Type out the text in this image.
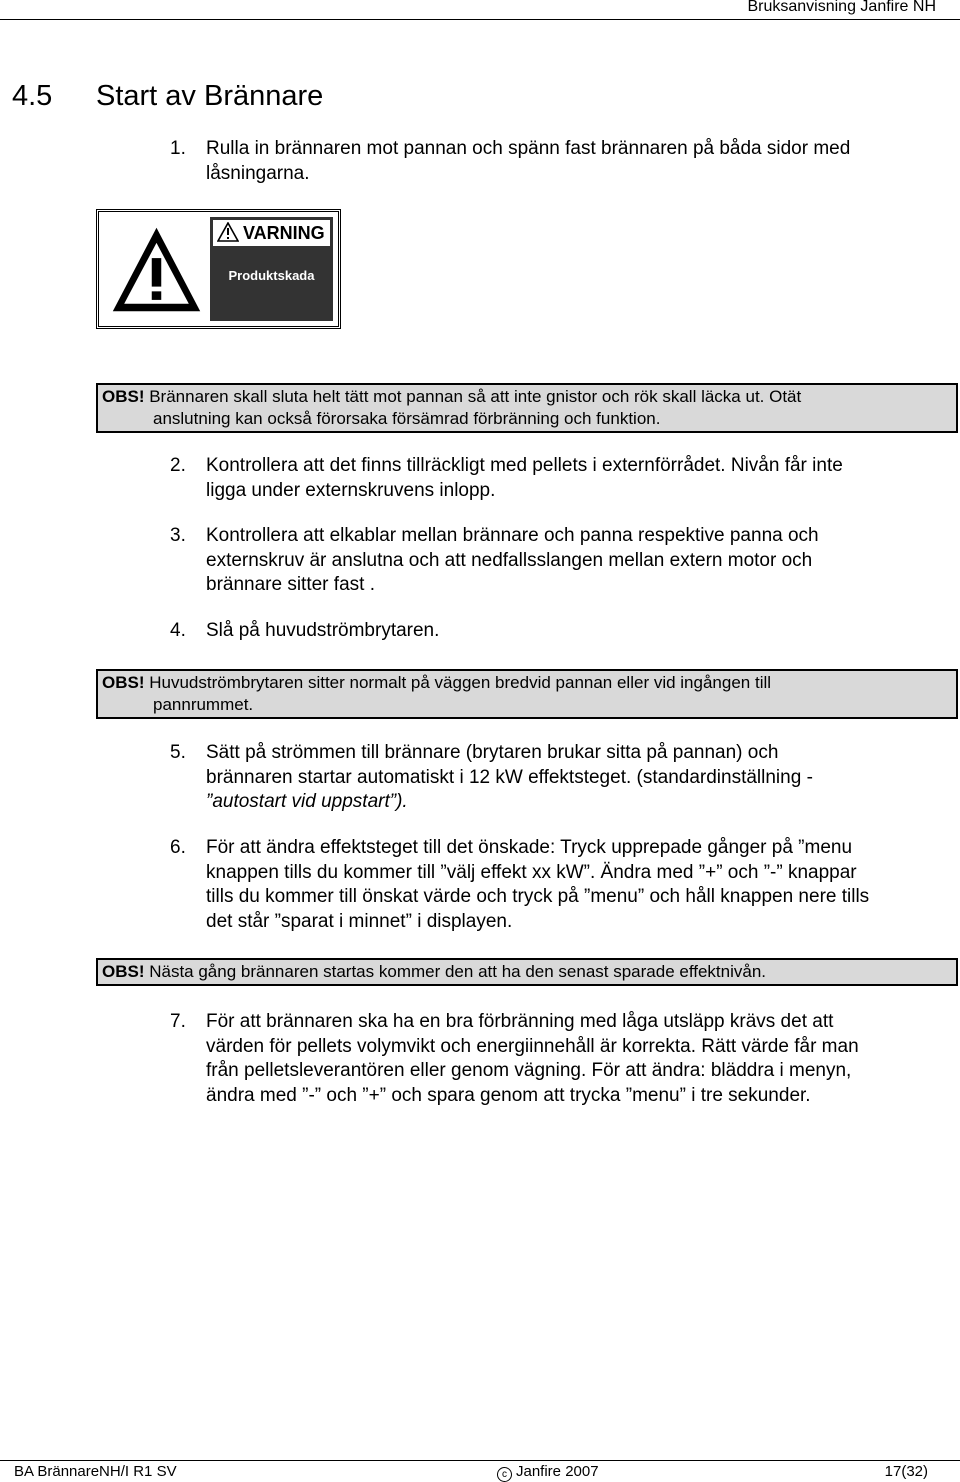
Bruksanvisning Janfire NH
4.5 Start av Brännare
1. Rulla in brännaren mot pannan och spänn fast brännaren på båda sidor med
låsningarna.
VARNING
Produktskada
OBS! Brännaren skall sluta helt tätt mot pannan så att inte gnistor och rök skall läcka ut. Otät
anslutning kan också förorsaka försämrad förbränning och funktion.
2. Kontrollera att det finns tillräckligt med pellets i externförrådet. Nivån får inte
ligga under externskruvens inlopp.
3. Kontrollera att elkablar mellan brännare och panna respektive panna och
externskruv är anslutna och att nedfallsslangen mellan extern motor och
brännare sitter fast .
4. Slå på huvudströmbrytaren.
OBS! Huvudströmbrytaren sitter normalt på väggen bredvid pannan eller vid ingången till
pannrummet.
5. Sätt på strömmen till brännare (brytaren brukar sitta på pannan) och
brännaren startar automatiskt i 12 kW effektsteget. (standardinställning -
”autostart vid uppstart”).
6. För att ändra effektsteget till det önskade: Tryck upprepade gånger på ”menu
knappen tills du kommer till ”välj effekt xx kW”. Ändra med ”+” och ”-” knappar
tills du kommer till önskat värde och tryck på ”menu” och håll knappen nere tills
det står ”sparat i minnet” i displayen.
OBS! Nästa gång brännaren startas kommer den att ha den senast sparade effektnivån.
7. För att brännaren ska ha en bra förbränning med låga utsläpp krävs det att
värden för pellets volymvikt och energiinnehåll är korrekta. Rätt värde får man
från pelletsleverantören eller genom vägning. För att ändra: bläddra i menyn,
ändra med ”-” och ”+” och spara genom att trycka ”menu” i tre sekunder.
BA BrännareNH/I R1 SV	c Janfire 2007	17(32)
